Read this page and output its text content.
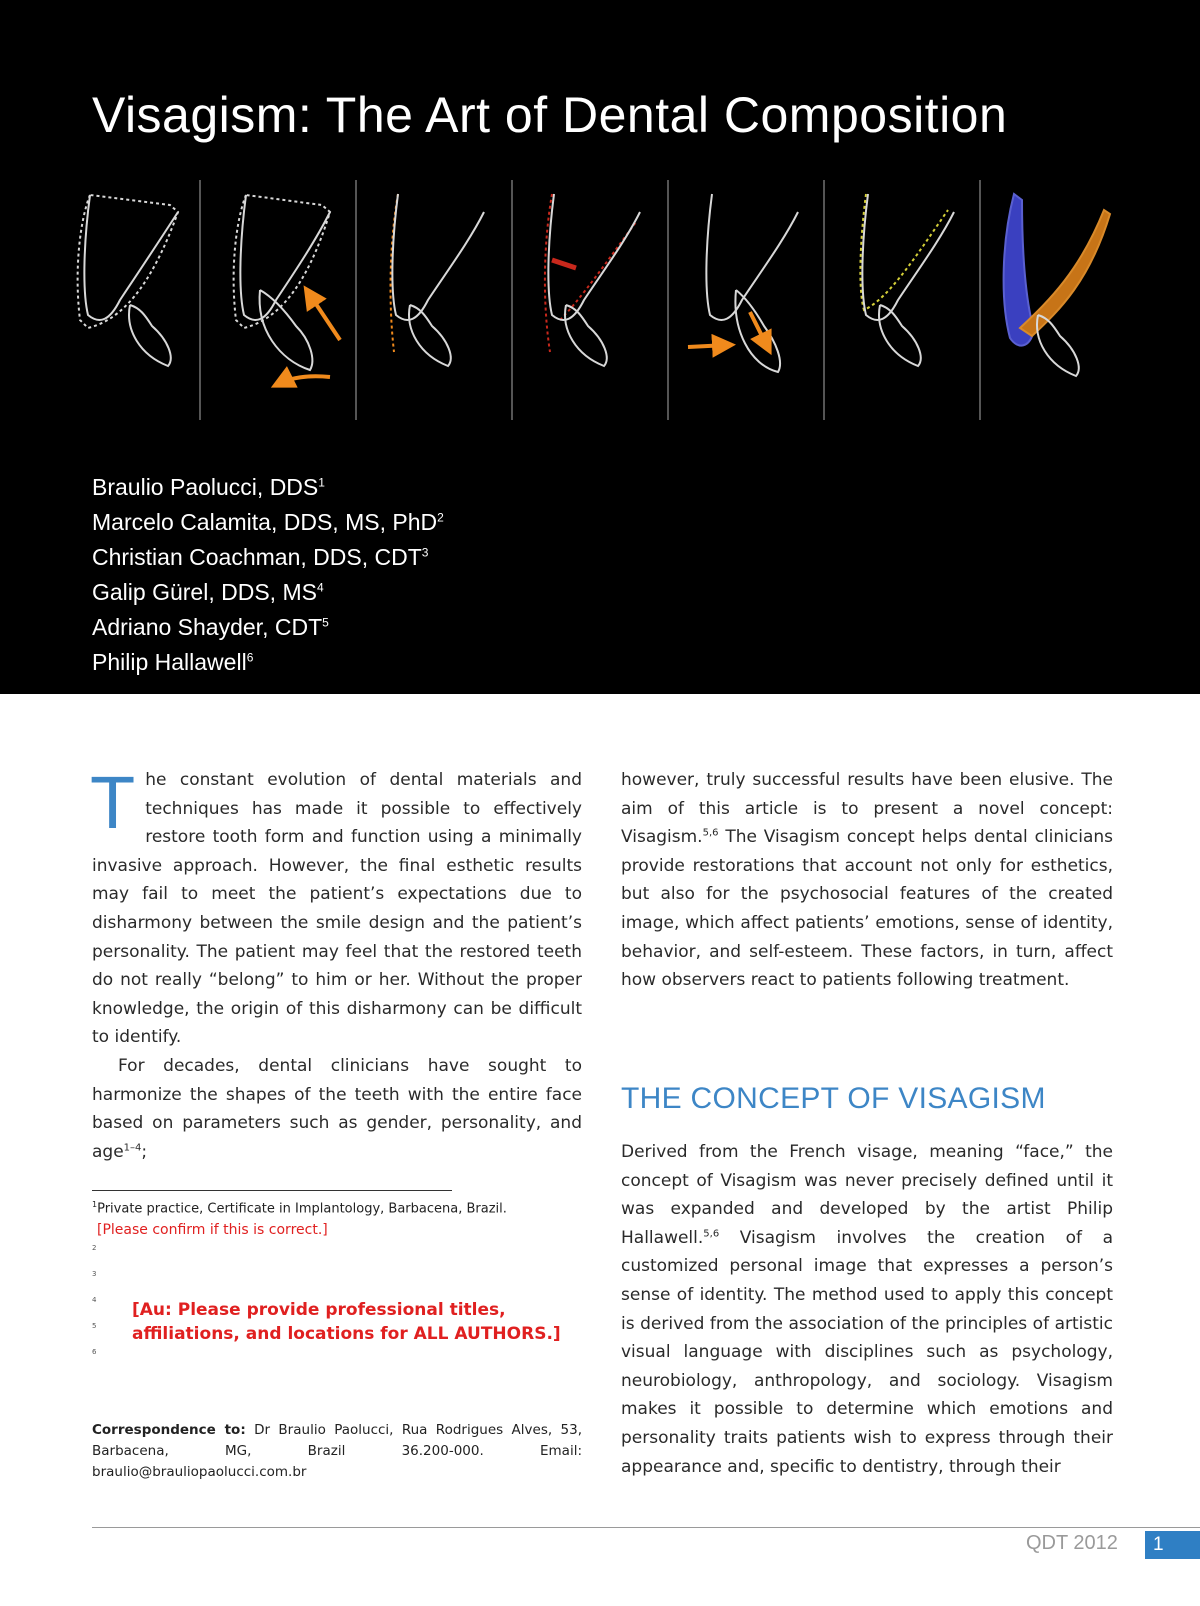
Visagism: The Art of Dental Composition
Braulio Paolucci, DDS$^1$
Marcelo Calamita, DDS, MS, PhD$^2$
Christian Coachman, DDS, CDT$^3$
Galip Gürel, DDS, $MS^4$
Adriano Shayder, CDT$^5$
Philip Hallawell$^6$

The constant evolution of dental materials and techniques has made it possible to effectively restore tooth form and function using a minimally invasive approach. However, the final esthetic results may fail to meet the patient’s expectations due to disharmony between the smile design and the patient’s personality. The patient may feel that the restored teeth do not really “belong” to him or her. Without the proper knowledge, the origin of this disharmony can be difficult to identify.

For decades, dental clinicians have sought to harmonize the shapes of the teeth with the entire face based on parameters such as gender, personality, and age$^{1-4}$;

however, truly successful results have been elusive. The aim of this article is to present a novel concept: Visagism.$^{5,6}$ The Visagism concept helps dental clinicians provide restorations that account not only for esthetics, but also for the psychosocial features of the created image, which affect patients’ emotions, sense of identity, behavior, and self-esteem. These factors, in turn, affect how observers react to patients following treatment.

THE CONCEPT OF VISAGISM

Derived from the French visage, meaning “face,” the concept of Visagism was never precisely defined until it was expanded and developed by the artist Philip Hallawell.$^{5,6}$ Visagism involves the creation of a customized personal image that expresses a person’s sense of identity. The method used to apply this concept is derived from the association of the principles of artistic visual language with disciplines such as psychology, neurobiology, anthropology, and sociology. Visagism makes it possible to determine which emotions and personality traits patients wish to express through their appearance and, specific to dentistry, through their

$^1$Private practice, Certificate in Implantology, Barbacena, Brazil.
[Please confirm if this is correct.]
2
3
4
5
6
[Au: Please provide professional titles, affiliations, and locations for ALL AUTHORS.]
Correspondence to: Dr Braulio Paolucci, Rua Rodrigues Alves, 53, Barbacena, MG, Brazil 36.200-000. Email: braulio@brauliopaolucci.com.br
QDT 2012	1
